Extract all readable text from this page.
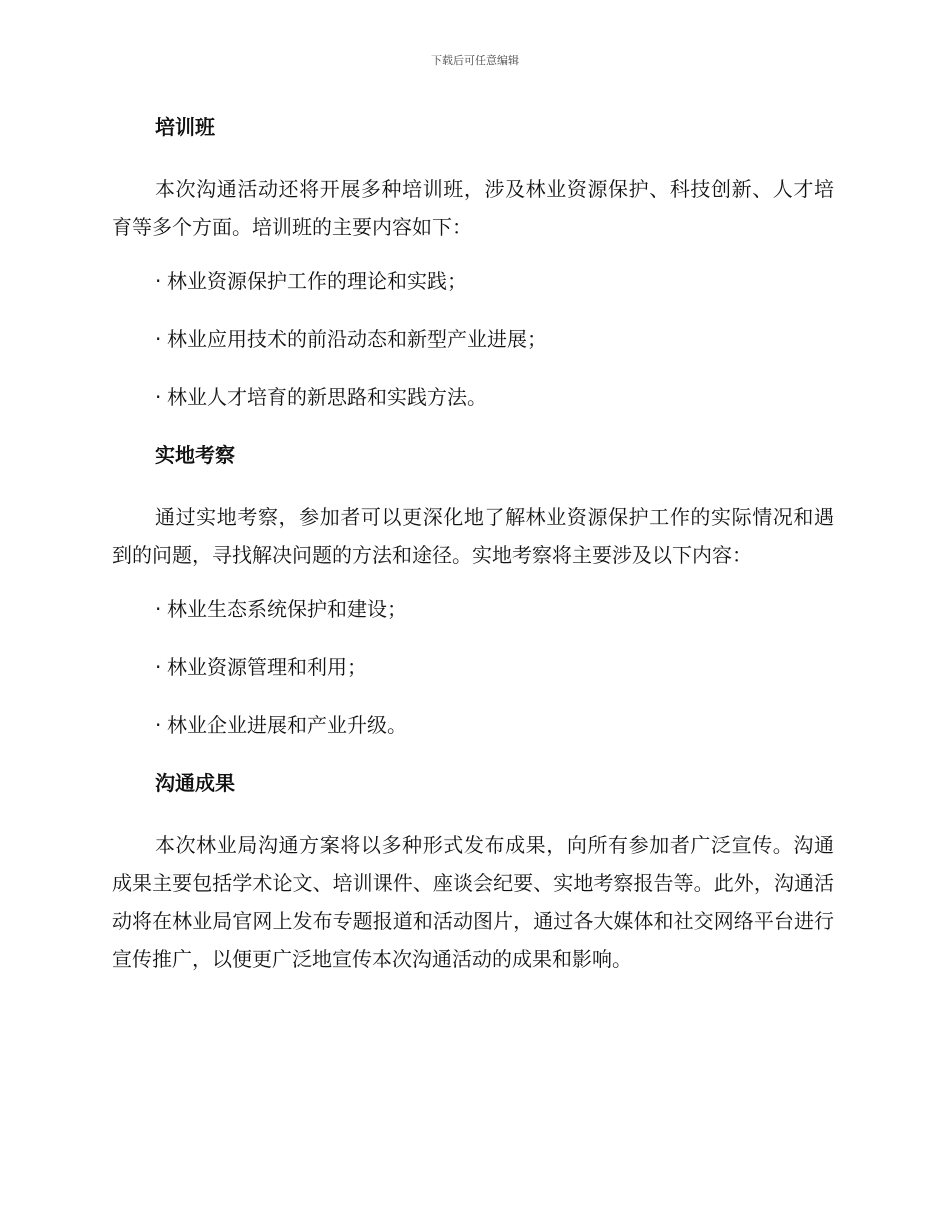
下载后可任意编辑
培训班
本次沟通活动还将开展多种培训班，涉及林业资源保护、科技创新、人才培育等多个方面。培训班的主要内容如下：
· 林业资源保护工作的理论和实践；
· 林业应用技术的前沿动态和新型产业进展；
· 林业人才培育的新思路和实践方法。
实地考察
通过实地考察，参加者可以更深化地了解林业资源保护工作的实际情况和遇到的问题，寻找解决问题的方法和途径。实地考察将主要涉及以下内容：
· 林业生态系统保护和建设；
· 林业资源管理和利用；
· 林业企业进展和产业升级。
沟通成果
本次林业局沟通方案将以多种形式发布成果，向所有参加者广泛宣传。沟通成果主要包括学术论文、培训课件、座谈会纪要、实地考察报告等。此外，沟通活动将在林业局官网上发布专题报道和活动图片，通过各大媒体和社交网络平台进行宣传推广，以便更广泛地宣传本次沟通活动的成果和影响。
